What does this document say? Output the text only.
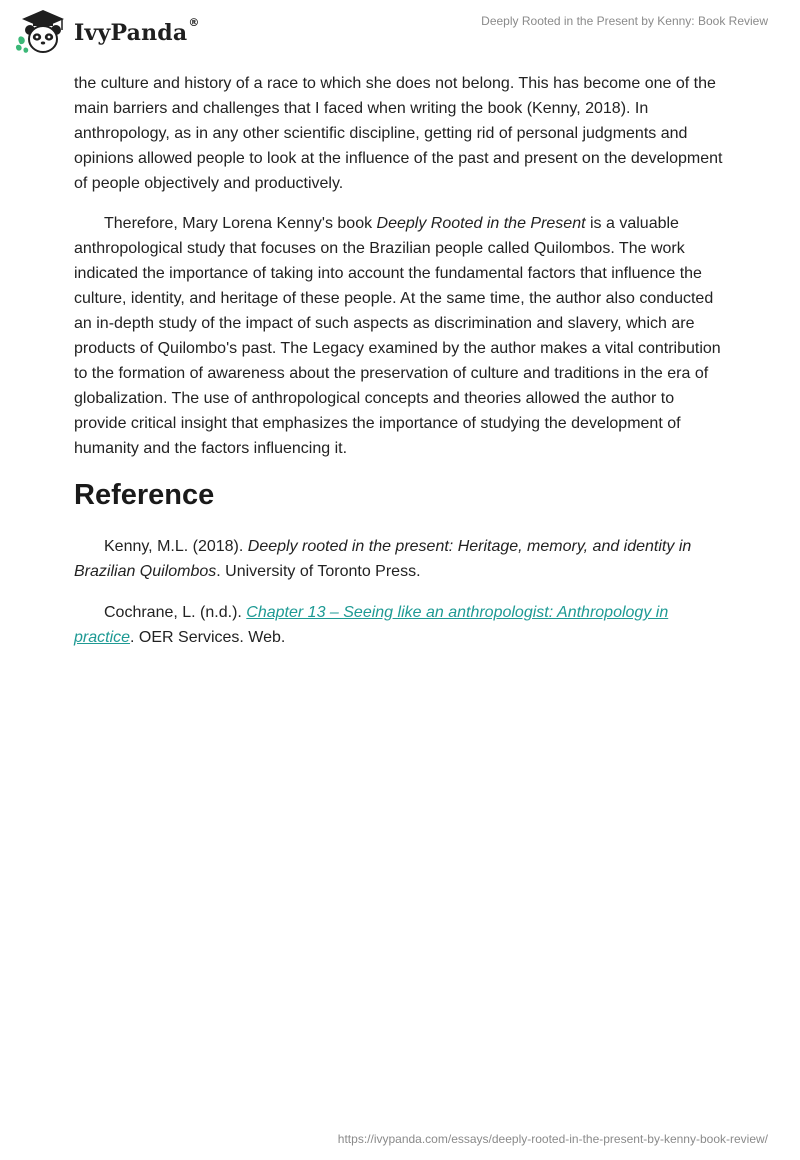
IvyPanda®	Deeply Rooted in the Present by Kenny: Book Review

the culture and history of a race to which she does not belong. This has become one of the main barriers and challenges that I faced when writing the book (Kenny, 2018). In anthropology, as in any other scientific discipline, getting rid of personal judgments and opinions allowed people to look at the influence of the past and present on the development of people objectively and productively.

Therefore, Mary Lorena Kenny's book Deeply Rooted in the Present is a valuable anthropological study that focuses on the Brazilian people called Quilombos. The work indicated the importance of taking into account the fundamental factors that influence the culture, identity, and heritage of these people. At the same time, the author also conducted an in-depth study of the impact of such aspects as discrimination and slavery, which are products of Quilombo's past. The Legacy examined by the author makes a vital contribution to the formation of awareness about the preservation of culture and traditions in the era of globalization. The use of anthropological concepts and theories allowed the author to provide critical insight that emphasizes the importance of studying the development of humanity and the factors influencing it.

Reference

Kenny, M.L. (2018). Deeply rooted in the present: Heritage, memory, and identity in Brazilian Quilombos. University of Toronto Press.

Cochrane, L. (n.d.). Chapter 13 – Seeing like an anthropologist: Anthropology in practice. OER Services. Web.

https://ivypanda.com/essays/deeply-rooted-in-the-present-by-kenny-book-review/
